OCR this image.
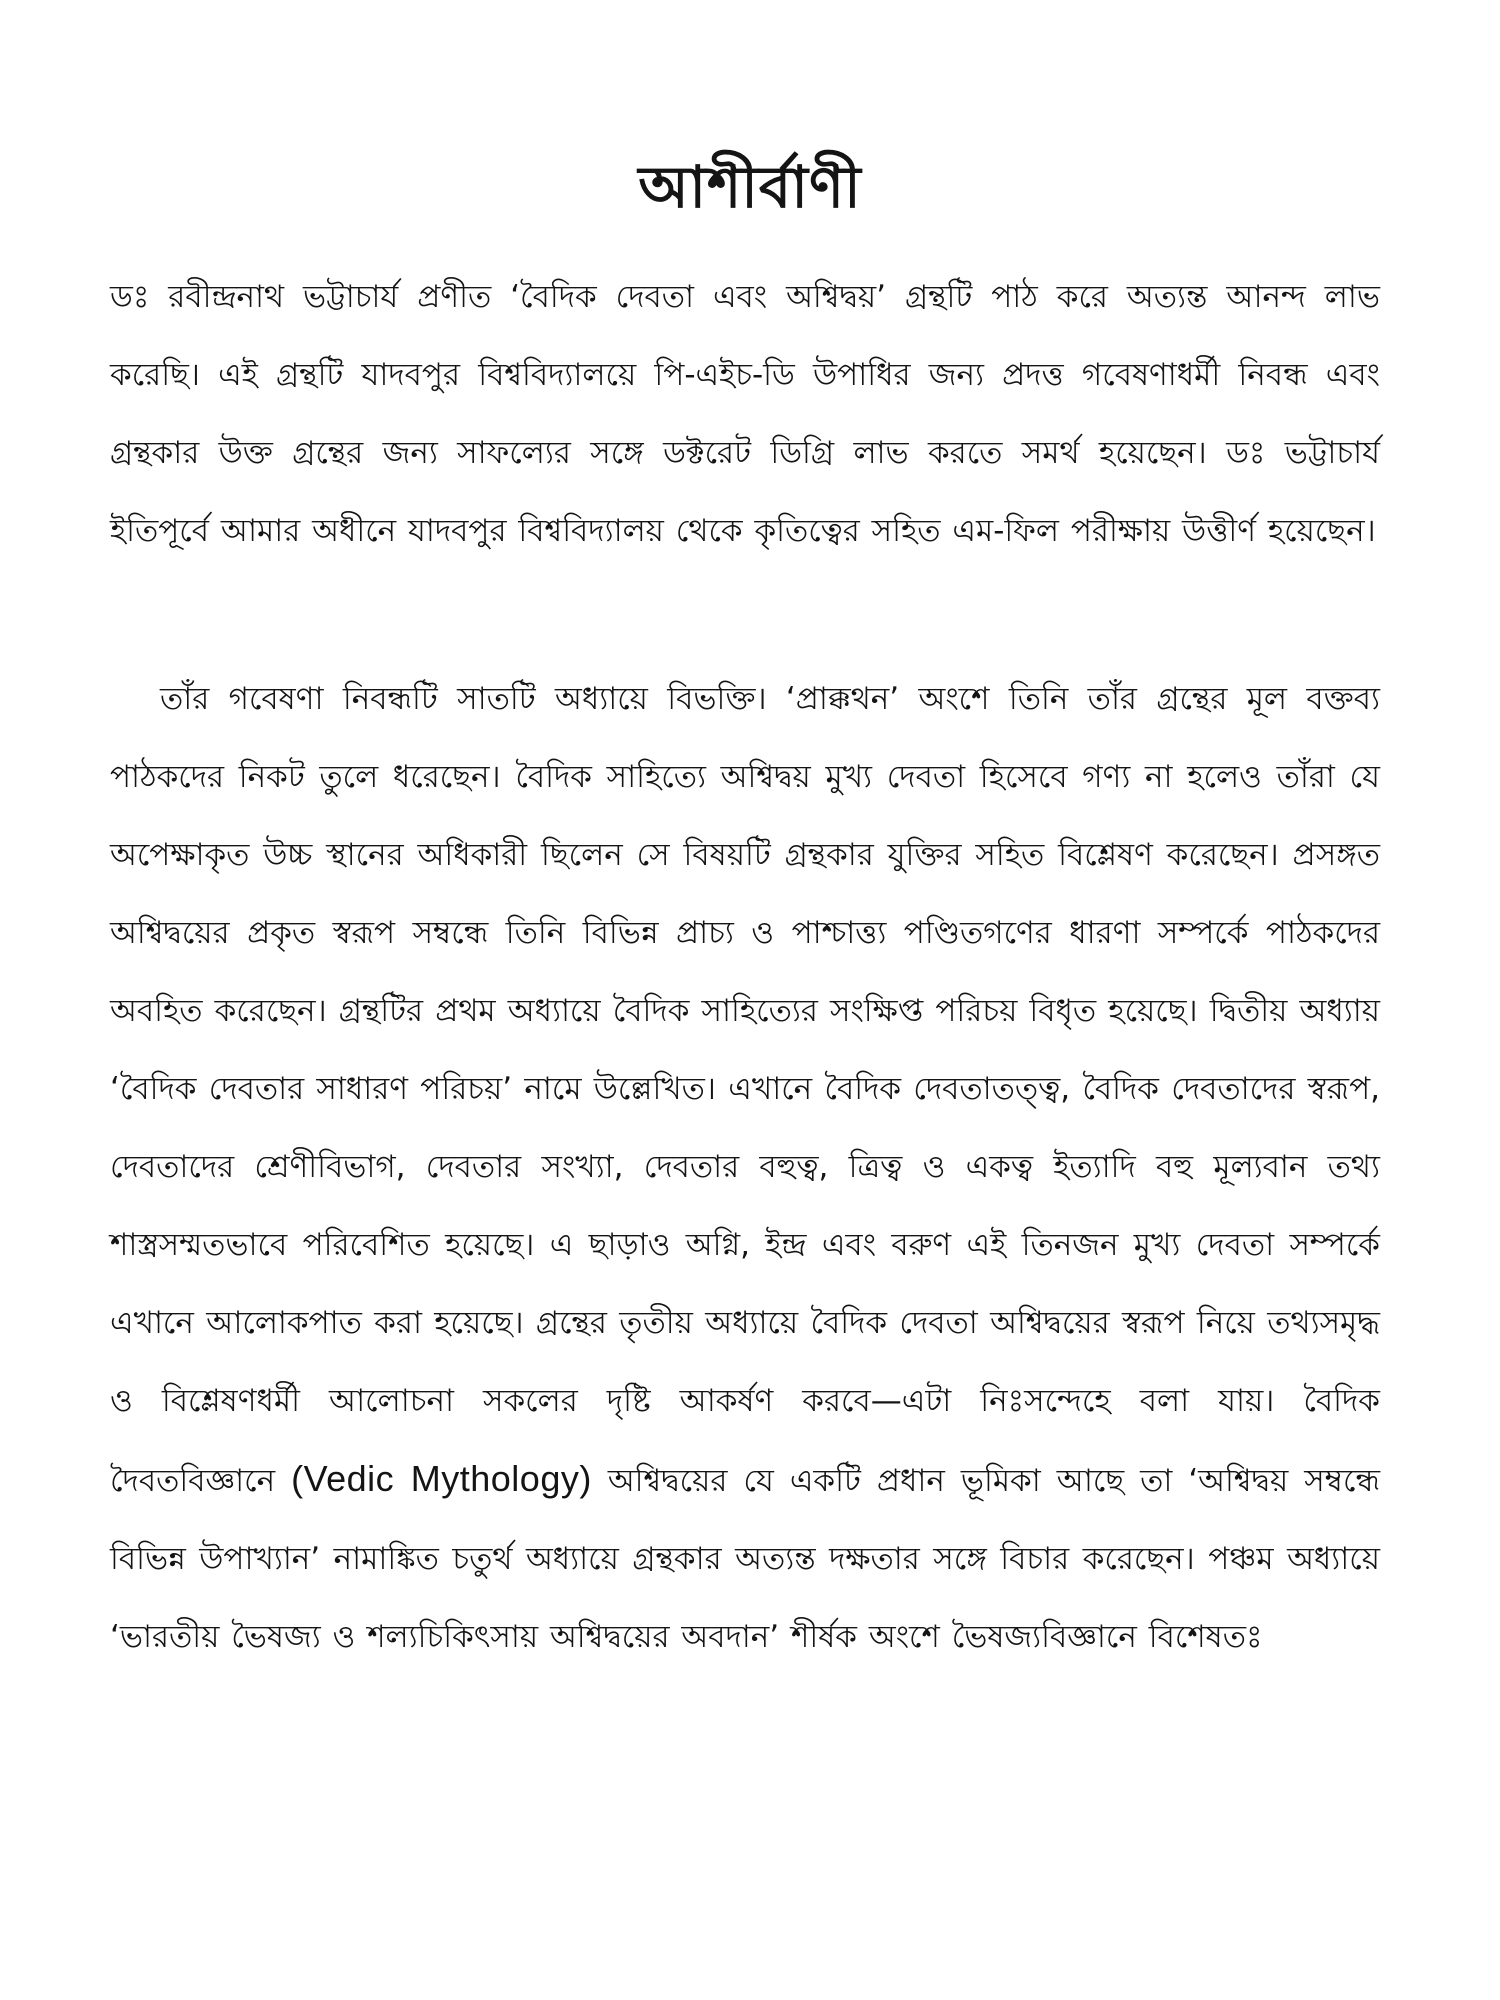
আশীর্বাণী

ডঃ রবীন্দ্রনাথ ভট্টাচার্য প্রণীত ‘বৈদিক দেবতা এবং অশ্বিদ্বয়’ গ্রন্থটি পাঠ করে অত্যন্ত আনন্দ লাভ করেছি। এই গ্রন্থটি যাদবপুর বিশ্ববিদ্যালয়ে পি-এইচ-ডি উপাধির জন্য প্রদত্ত গবেষণাধর্মী নিবন্ধ এবং গ্রন্থকার উক্ত গ্রন্থের জন্য সাফল্যের সঙ্গে ডক্টরেট ডিগ্রি লাভ করতে সমর্থ হয়েছেন। ডঃ ভট্টাচার্য ইতিপূর্বে আমার অধীনে যাদবপুর বিশ্ববিদ্যালয় থেকে কৃতিত্বের সহিত এম-ফিল পরীক্ষায় উত্তীর্ণ হয়েছেন।

তাঁর গবেষণা নিবন্ধটি সাতটি অধ্যায়ে বিভক্তি। ‘প্রাক্কথন’ অংশে তিনি তাঁর গ্রন্থের মূল বক্তব্য পাঠকদের নিকট তুলে ধরেছেন। বৈদিক সাহিত্যে অশ্বিদ্বয় মুখ্য দেবতা হিসেবে গণ্য না হলেও তাঁরা যে অপেক্ষাকৃত উচ্চ স্থানের অধিকারী ছিলেন সে বিষয়টি গ্রন্থকার যুক্তির সহিত বিশ্লেষণ করেছেন। প্রসঙ্গত অশ্বিদ্বয়ের প্রকৃত স্বরূপ সম্বন্ধে তিনি বিভিন্ন প্রাচ্য ও পাশ্চাত্ত্য পণ্ডিতগণের ধারণা সম্পর্কে পাঠকদের অবহিত করেছেন। গ্রন্থটির প্রথম অধ্যায়ে বৈদিক সাহিত্যের সংক্ষিপ্ত পরিচয় বিধৃত হয়েছে। দ্বিতীয় অধ্যায় ‘বৈদিক দেবতার সাধারণ পরিচয়’ নামে উল্লেখিত। এখানে বৈদিক দেবতাতত্ত্ব, বৈদিক দেবতাদের স্বরূপ, দেবতাদের শ্রেণীবিভাগ, দেবতার সংখ্যা, দেবতার বহুত্ব, ত্রিত্ব ও একত্ব ইত্যাদি বহু মূল্যবান তথ্য শাস্ত্রসম্মতভাবে পরিবেশিত হয়েছে। এ ছাড়াও অগ্নি, ইন্দ্র এবং বরুণ এই তিনজন মুখ্য দেবতা সম্পর্কে এখানে আলোকপাত করা হয়েছে। গ্রন্থের তৃতীয় অধ্যায়ে বৈদিক দেবতা অশ্বিদ্বয়ের স্বরূপ নিয়ে তথ্যসমৃদ্ধ ও বিশ্লেষণধর্মী আলোচনা সকলের দৃষ্টি আকর্ষণ করবে—এটা নিঃসন্দেহে বলা যায়। বৈদিক দৈবতবিজ্ঞানে (Vedic Mythology) অশ্বিদ্বয়ের যে একটি প্রধান ভূমিকা আছে তা ‘অশ্বিদ্বয় সম্বন্ধে বিভিন্ন উপাখ্যান’ নামাঙ্কিত চতুর্থ অধ্যায়ে গ্রন্থকার অত্যন্ত দক্ষতার সঙ্গে বিচার করেছেন। পঞ্চম অধ্যায়ে ‘ভারতীয় ভৈষজ্য ও শল্যচিকিৎসায় অশ্বিদ্বয়ের অবদান’ শীর্ষক অংশে ভৈষজ্যবিজ্ঞানে বিশেষতঃ
